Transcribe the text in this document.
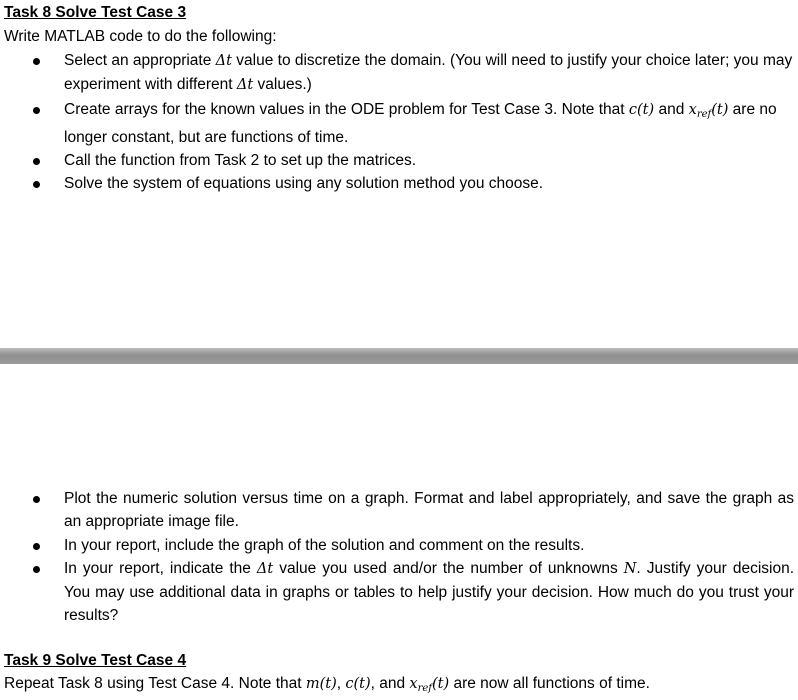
Task 8 Solve Test Case 3
Write MATLAB code to do the following:
Select an appropriate Δt value to discretize the domain. (You will need to justify your choice later; you may experiment with different Δt values.)
Create arrays for the known values in the ODE problem for Test Case 3. Note that c(t) and $x_{ref}(t)$ are no longer constant, but are functions of time.
Call the function from Task 2 to set up the matrices.
Solve the system of equations using any solution method you choose.
Plot the numeric solution versus time on a graph. Format and label appropriately, and save the graph as an appropriate image file.
In your report, include the graph of the solution and comment on the results.
In your report, indicate the Δt value you used and/or the number of unknowns N. Justify your decision. You may use additional data in graphs or tables to help justify your decision. How much do you trust your results?
Task 9 Solve Test Case 4
Repeat Task 8 using Test Case 4. Note that m(t), c(t), and $x_{ref}(t)$ are now all functions of time.
